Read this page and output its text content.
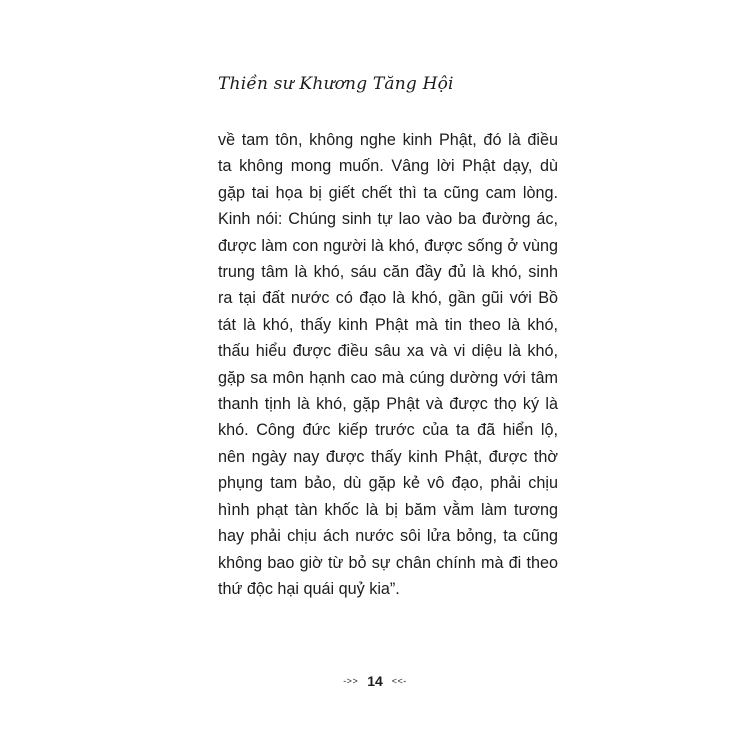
Thiền sư Khương Tăng Hội
về tam tôn, không nghe kinh Phật, đó là điều
ta không mong muốn. Vâng lời Phật dạy, dù
gặp tai họa bị giết chết thì ta cũng cam lòng.
Kinh nói: Chúng sinh tự lao vào ba đường ác,
được làm con người là khó, được sống ở vùng
trung tâm là khó, sáu căn đầy đủ là khó, sinh
ra tại đất nước có đạo là khó, gần gũi với Bồ
tát là khó, thấy kinh Phật mà tin theo là khó,
thấu hiểu được điều sâu xa và vi diệu là khó,
gặp sa môn hạnh cao mà cúng dường với tâm
thanh tịnh là khó, gặp Phật và được thọ ký là
khó. Công đức kiếp trước của ta đã hiển lộ,
nên ngày nay được thấy kinh Phật, được thờ
phụng tam bảo, dù gặp kẻ vô đạo, phải chịu
hình phạt tàn khốc là bị băm vằm làm tương
hay phải chịu ách nước sôi lửa bỏng, ta cũng
không bao giờ từ bỏ sự chân chính mà đi theo
thứ độc hại quái quỷ kia”.
->> 14 <<-
